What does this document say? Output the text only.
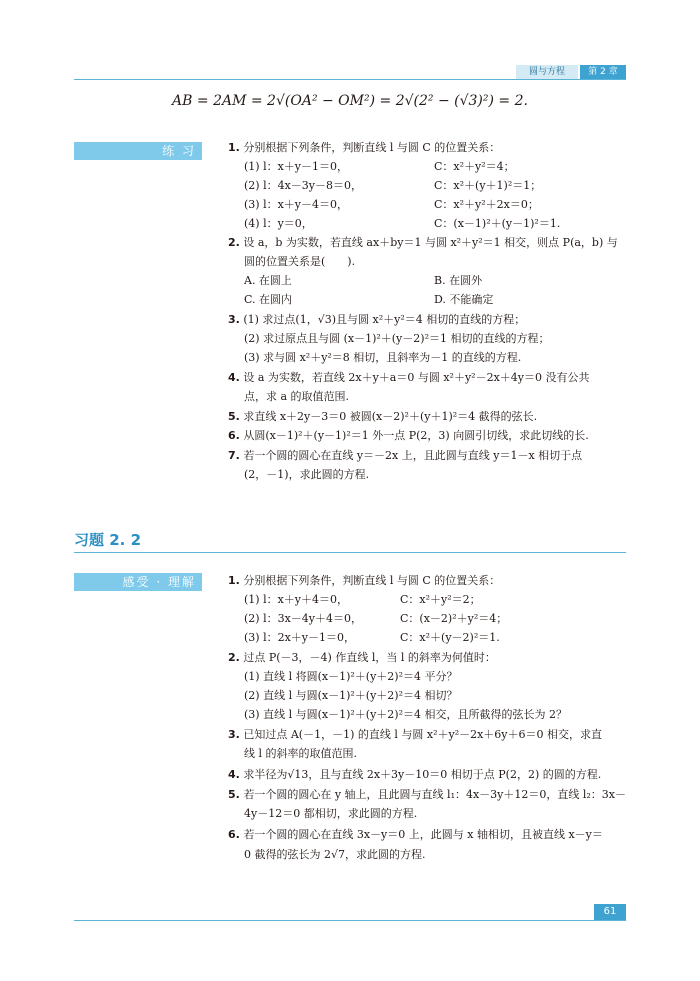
圆与方程	第 2 章
AB = 2AM = 2√(OA² − OM²) = 2√(2² − (√3)²) = 2.
练 习	1. 分别根据下列条件，判断直线 l 与圆 C 的位置关系：
(1) l：x＋y－1＝0，	C：x²＋y²＝4；
(2) l：4x－3y－8＝0，	C：x²＋(y＋1)²＝1；
(3) l：x＋y－4＝0，	C：x²＋y²＋2x＝0；
(4) l：y＝0，	C：(x－1)²＋(y－1)²＝1.
2. 设 a，b 为实数，若直线 ax＋by＝1 与圆 x²＋y²＝1 相交，则点 P(a，b) 与
圆的位置关系是(　　).
A. 在圆上	B. 在圆外
C. 在圆内	D. 不能确定
3. (1) 求过点(1，√3)且与圆 x²＋y²＝4 相切的直线的方程；
(2) 求过原点且与圆 (x－1)²＋(y－2)²＝1 相切的直线的方程；
(3) 求与圆 x²＋y²＝8 相切，且斜率为－1 的直线的方程.
4. 设 a 为实数，若直线 2x＋y＋a＝0 与圆 x²＋y²－2x＋4y＝0 没有公共
点，求 a 的取值范围.
5. 求直线 x＋2y－3＝0 被圆(x－2)²＋(y＋1)²＝4 截得的弦长.
6. 从圆(x－1)²＋(y－1)²＝1 外一点 P(2，3) 向圆引切线，求此切线的长.
7. 若一个圆的圆心在直线 y＝－2x 上，且此圆与直线 y＝1－x 相切于点
(2，－1)，求此圆的方程.
习题 2. 2
感受 · 理解	1. 分别根据下列条件，判断直线 l 与圆 C 的位置关系：
(1) l：x＋y＋4＝0，	C：x²＋y²＝2；
(2) l：3x－4y＋4＝0，	C：(x－2)²＋y²＝4；
(3) l：2x＋y－1＝0，	C：x²＋(y－2)²＝1.
2. 过点 P(－3，－4) 作直线 l，当 l 的斜率为何值时：
(1) 直线 l 将圆(x－1)²＋(y＋2)²＝4 平分？
(2) 直线 l 与圆(x－1)²＋(y＋2)²＝4 相切？
(3) 直线 l 与圆(x－1)²＋(y＋2)²＝4 相交，且所截得的弦长为 2？
3. 已知过点 A(－1，－1) 的直线 l 与圆 x²＋y²－2x＋6y＋6＝0 相交，求直
线 l 的斜率的取值范围.
4. 求半径为√13，且与直线 2x＋3y－10＝0 相切于点 P(2，2) 的圆的方程.
5. 若一个圆的圆心在 y 轴上，且此圆与直线 l₁：4x－3y＋12＝0，直线 l₂：3x－
4y－12＝0 都相切，求此圆的方程.
6. 若一个圆的圆心在直线 3x－y＝0 上，此圆与 x 轴相切，且被直线 x－y＝
0 截得的弦长为 2√7，求此圆的方程.
61
